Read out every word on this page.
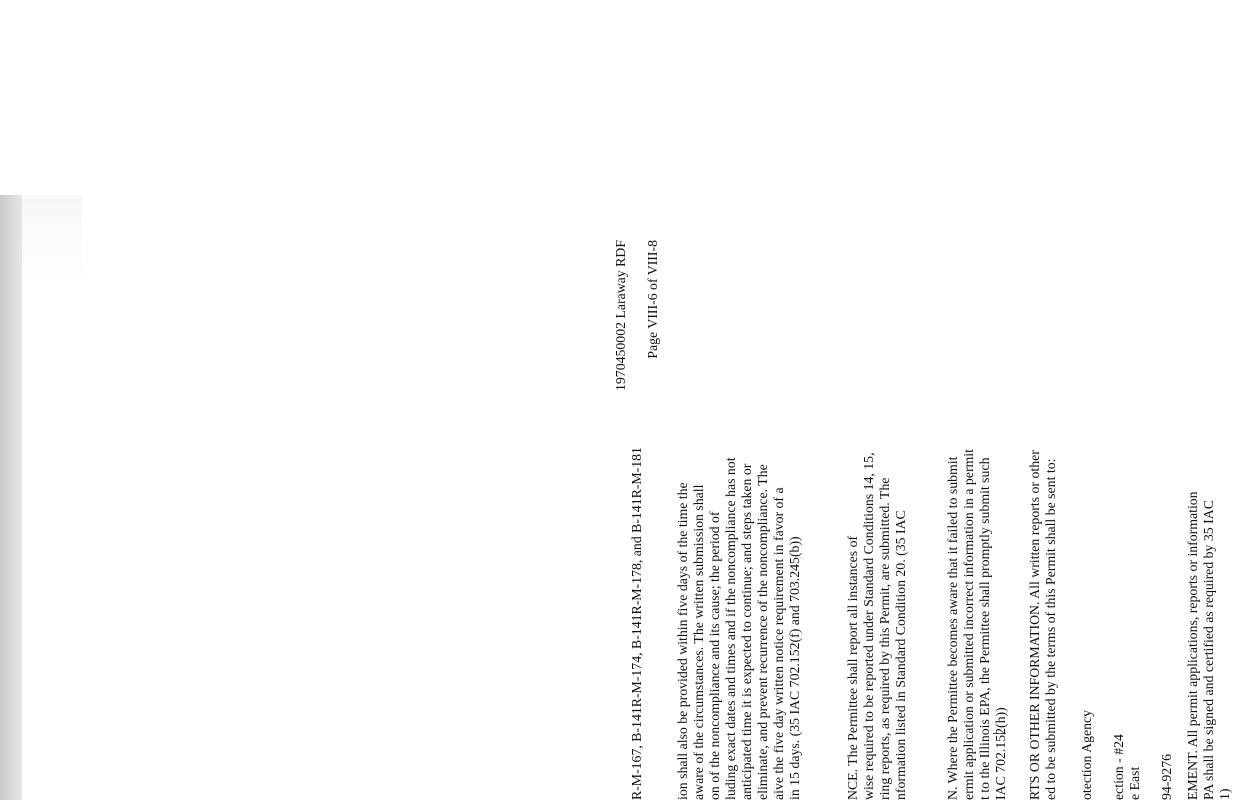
1970450002 Laraway RDF
R-M-167, B-141R-M-174, B-141R-M-178, and B-141R-M-181
Page VIII-6 of VIII-8
ion shall also be provided within five days of the time the aware of the circumstances. The written submission shall on of the noncompliance and its cause; the period of luding exact dates and times and if the noncompliance has not anticipated time it is expected to continue; and steps taken or eliminate, and prevent recurrence of the noncompliance. The aive the five day written notice requirement in favor of a in 15 days. (35 IAC 702.152(f) and 703.245(b))	NCE. The Permittee shall report all instances of wise required to be reported under Standard Conditions 14, 15, ring reports, as required by this Permit, are submitted. The nformation listed in Standard Condition 20. (35 IAC	N. Where the Permittee becomes aware that it failed to submit ermit application or submitted incorrect information in a permit t to the Illinois EPA, the Permittee shall promptly submit such IAC 702.152(h)) RTS OR OTHER INFORMATION. All written reports or other ed to be submitted by the terms of this Permit shall be sent to: otection Agency ection - #24 e East 94-9276 EMENT. All permit applications, reports or information PA shall be signed and certified as required by 35 IAC 1)
